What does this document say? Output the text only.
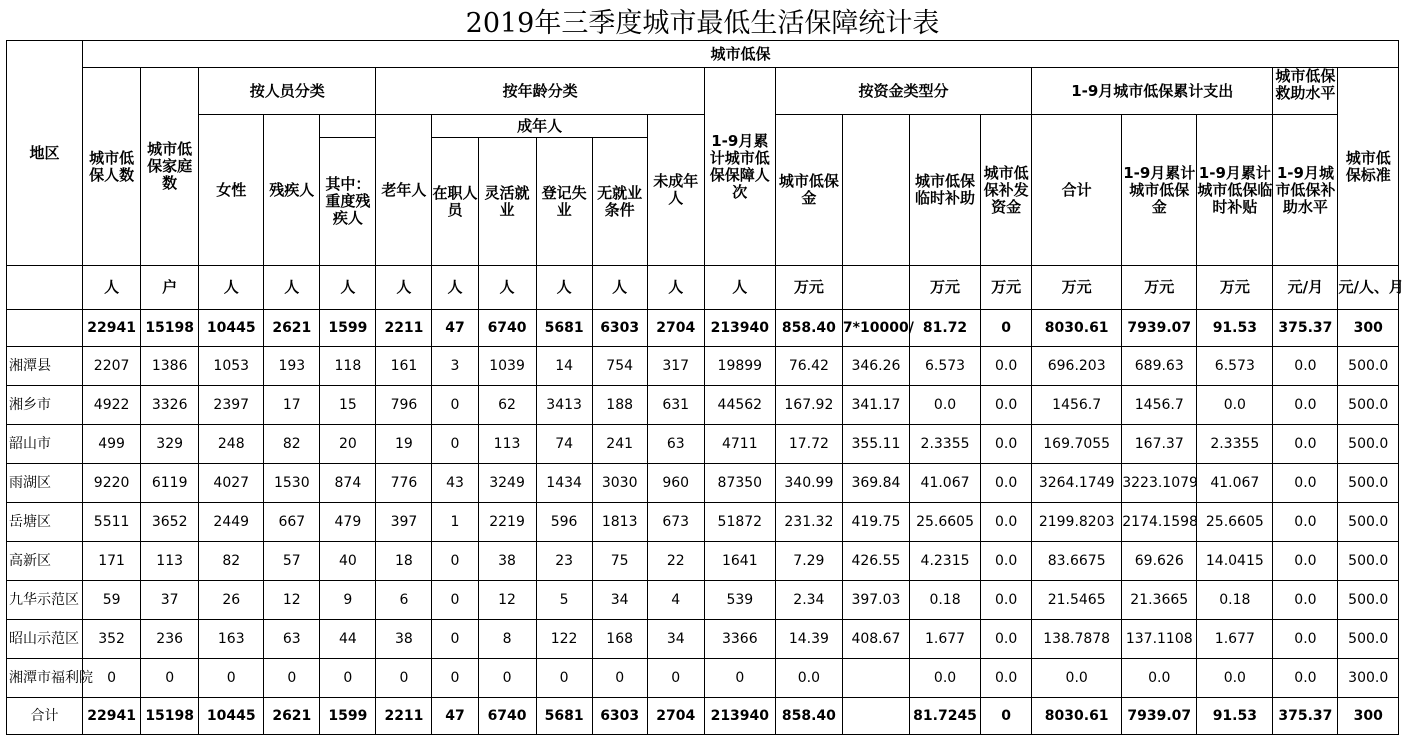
2019年三季度城市最低生活保障统计表
地区	城市低保																				
	城市低保人数	城市低保家庭数	按人员分类			按年龄分类						1-9月累计城市低保保障人次	按资金类型分				1-9月城市低保累计支出			城市低保救助水平	城市低保标准
			女性	残疾人		老年人	成年人				未成年人		城市低保金		城市低保临时补助	城市低保补发资金	合计	1-9月累计城市低保金	1-9月累计城市低保临时补贴	1-9月城市低保补助水平	
					其中：重度残疾人		在职人员	灵活就业	登记失业	无就业条件											
	人	户	人	人	人	人	人	人	人	人	人	人	万元		万元	万元	万元	万元	万元	元/月	元/人、月
	22941	15198	10445	2621	1599	2211	47	6740	5681	6303	2704	213940	858.40	7*10000/	81.72	0	8030.61	7939.07	91.53	375.37	300
湘潭县	2207	1386	1053	193	118	161	3	1039	14	754	317	19899	76.42	346.26	6.573	0.0	696.203	689.63	6.573	0.0	500.0
湘乡市	4922	3326	2397	17	15	796	0	62	3413	188	631	44562	167.92	341.17	0.0	0.0	1456.7	1456.7	0.0	0.0	500.0
韶山市	499	329	248	82	20	19	0	113	74	241	63	4711	17.72	355.11	2.3355	0.0	169.7055	167.37	2.3355	0.0	500.0
雨湖区	9220	6119	4027	1530	874	776	43	3249	1434	3030	960	87350	340.99	369.84	41.067	0.0	3264.1749	3223.1079	41.067	0.0	500.0
岳塘区	5511	3652	2449	667	479	397	1	2219	596	1813	673	51872	231.32	419.75	25.6605	0.0	2199.8203	2174.1598	25.6605	0.0	500.0
高新区	171	113	82	57	40	18	0	38	23	75	22	1641	7.29	426.55	4.2315	0.0	83.6675	69.626	14.0415	0.0	500.0
九华示范区	59	37	26	12	9	6	0	12	5	34	4	539	2.34	397.03	0.18	0.0	21.5465	21.3665	0.18	0.0	500.0
昭山示范区	352	236	163	63	44	38	0	8	122	168	34	3366	14.39	408.67	1.677	0.0	138.7878	137.1108	1.677	0.0	500.0
湘潭市福利院	0	0	0	0	0	0	0	0	0	0	0	0	0.0		0.0	0.0	0.0	0.0	0.0	0.0	300.0
合计	22941	15198	10445	2621	1599	2211	47	6740	5681	6303	2704	213940	858.40		81.7245	0	8030.61	7939.07	91.53	375.37	300
